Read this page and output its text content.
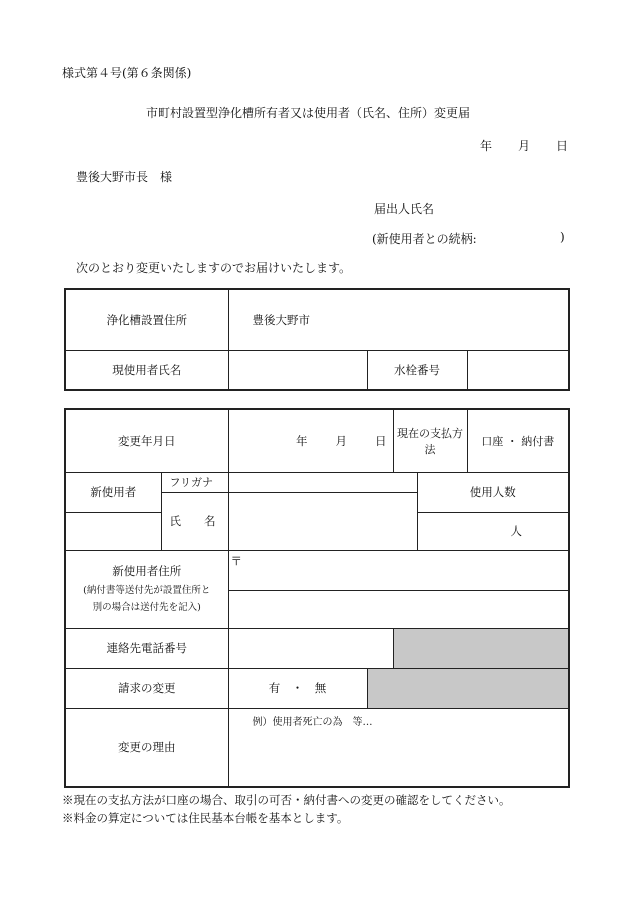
様式第４号(第６条関係)
市町村設置型浄化槽所有者又は使用者（氏名、住所）変更届
年 月 日
豊後大野市長　様
届出人氏名
(新使用者との続柄:	)
次のとおり変更いたしますのでお届けいたします。
浄化槽設置住所	豊後大野市		
現使用者氏名		水栓番号	
変更年月日		年 月 日		現在の支払方法		口座 ・ 納付書
新使用者	フリガナ				使用人数	
	氏　　名					
					人	

新使用者住所
(納付書等送付先が設置住所と
別の場合は送付先を記入)		〒				

連絡先電話番号						
請求の変更		有　・　無				
変更の理由		例）使用者死亡の為　等…				
※現在の支払方法が口座の場合、取引の可否・納付書への変更の確認をしてください。
※料金の算定については住民基本台帳を基本とします。
